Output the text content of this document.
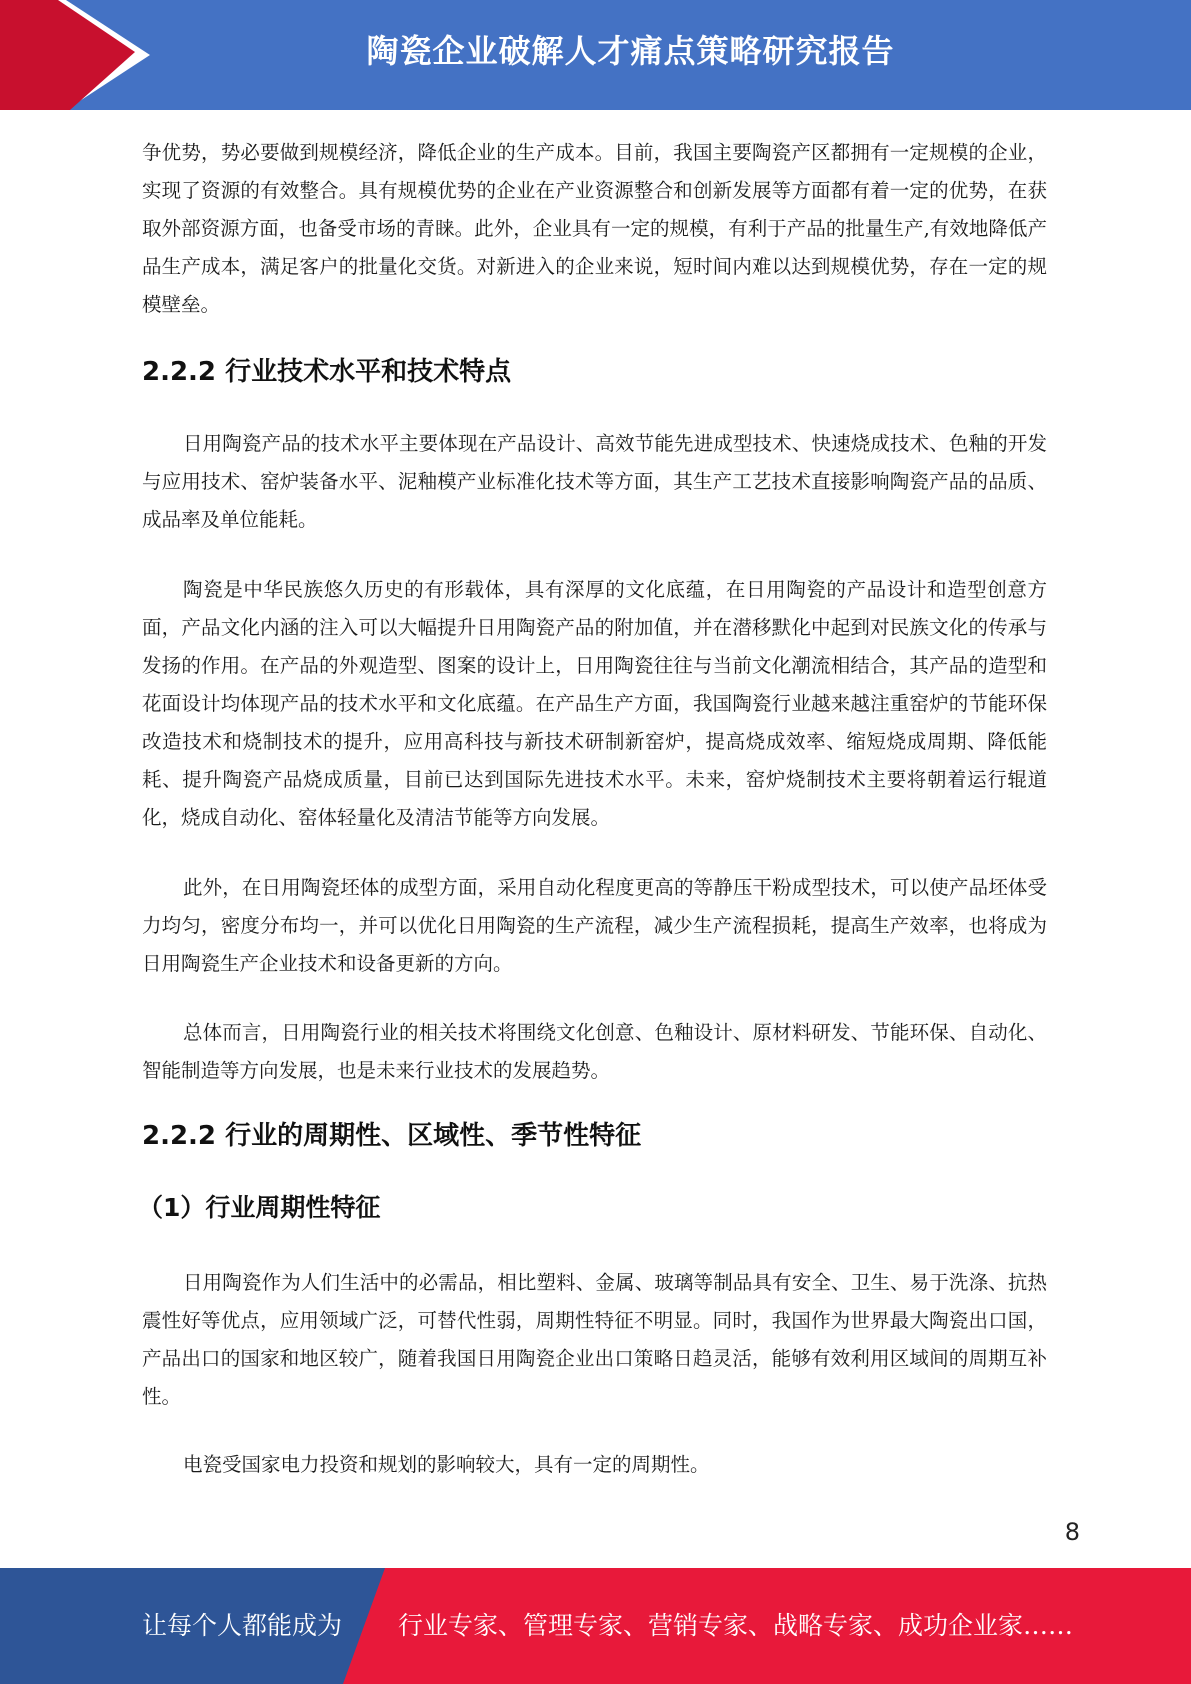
陶瓷企业破解人才痛点策略研究报告

争优势，势必要做到规模经济，降低企业的生产成本。目前，我国主要陶瓷产区都拥有一定规模的企业，实现了资源的有效整合。具有规模优势的企业在产业资源整合和创新发展等方面都有着一定的优势，在获取外部资源方面，也备受市场的青睐。此外，企业具有一定的规模，有利于产品的批量生产,有效地降低产品生产成本，满足客户的批量化交货。对新进入的企业来说，短时间内难以达到规模优势，存在一定的规模壁垒。

2.2.2 行业技术水平和技术特点

日用陶瓷产品的技术水平主要体现在产品设计、高效节能先进成型技术、快速烧成技术、色釉的开发与应用技术、窑炉装备水平、泥釉模产业标准化技术等方面，其生产工艺技术直接影响陶瓷产品的品质、成品率及单位能耗。

陶瓷是中华民族悠久历史的有形载体，具有深厚的文化底蕴，在日用陶瓷的产品设计和造型创意方面，产品文化内涵的注入可以大幅提升日用陶瓷产品的附加值，并在潜移默化中起到对民族文化的传承与发扬的作用。在产品的外观造型、图案的设计上，日用陶瓷往往与当前文化潮流相结合，其产品的造型和花面设计均体现产品的技术水平和文化底蕴。在产品生产方面，我国陶瓷行业越来越注重窑炉的节能环保改造技术和烧制技术的提升，应用高科技与新技术研制新窑炉，提高烧成效率、缩短烧成周期、降低能耗、提升陶瓷产品烧成质量，目前已达到国际先进技术水平。未来，窑炉烧制技术主要将朝着运行辊道化，烧成自动化、窑体轻量化及清洁节能等方向发展。

此外，在日用陶瓷坯体的成型方面，采用自动化程度更高的等静压干粉成型技术，可以使产品坯体受力均匀，密度分布均一，并可以优化日用陶瓷的生产流程，减少生产流程损耗，提高生产效率，也将成为日用陶瓷生产企业技术和设备更新的方向。

总体而言，日用陶瓷行业的相关技术将围绕文化创意、色釉设计、原材料研发、节能环保、自动化、智能制造等方向发展，也是未来行业技术的发展趋势。

2.2.2 行业的周期性、区域性、季节性特征
（1）行业周期性特征

日用陶瓷作为人们生活中的必需品，相比塑料、金属、玻璃等制品具有安全、卫生、易于洗涤、抗热震性好等优点，应用领域广泛，可替代性弱，周期性特征不明显。同时，我国作为世界最大陶瓷出口国，产品出口的国家和地区较广，随着我国日用陶瓷企业出口策略日趋灵活，能够有效利用区域间的周期互补性。

电瓷受国家电力投资和规划的影响较大，具有一定的周期性。

8
让每个人都能成为 行业专家、管理专家、营销专家、战略专家、成功企业家……
